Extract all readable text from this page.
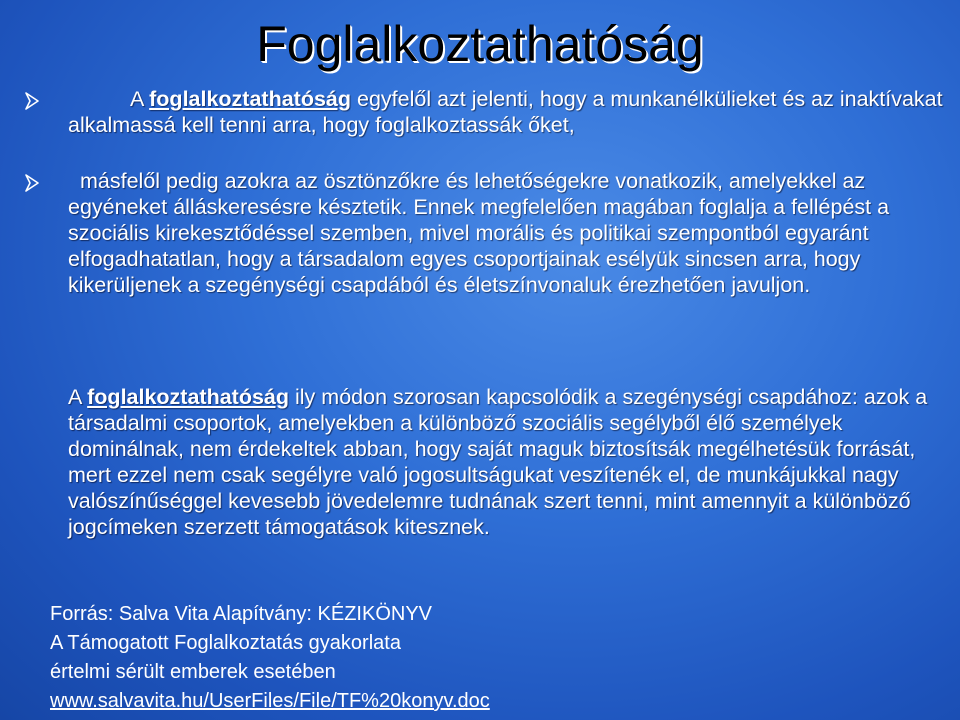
Foglalkoztathatóság

A foglalkoztathatóság egyfelől azt jelenti, hogy a munkanélkülieket és az inaktívakat alkalmassá kell tenni arra, hogy foglalkoztassák őket,

másfelől pedig azokra az ösztönzőkre és lehetőségekre vonatkozik, amelyekkel az egyéneket álláskeresésre késztetik. Ennek megfelelően magában foglalja a fellépést a szociális kirekesztődéssel szemben, mivel morális és politikai szempontból egyaránt elfogadhatatlan, hogy a társadalom egyes csoportjainak esélyük sincsen arra, hogy kikerüljenek a szegénységi csapdából és életszínvonaluk érezhetően javuljon.

A foglalkoztathatóság ily módon szorosan kapcsolódik a szegénységi csapdához: azok a társadalmi csoportok, amelyekben a különböző szociális segélyből élő személyek dominálnak, nem érdekeltek abban, hogy saját maguk biztosítsák megélhetésük forrását, mert ezzel nem csak segélyre való jogosultságukat veszítenék el, de munkájukkal nagy valószínűséggel kevesebb jövedelemre tudnának szert tenni, mint amennyit a különböző jogcímeken szerzett támogatások kitesznek.

Forrás: Salva Vita Alapítvány: KÉZIKÖNYV
A Támogatott Foglalkoztatás gyakorlata
értelmi sérült emberek esetében
www.salvavita.hu/UserFiles/File/TF%20konyv.doc
